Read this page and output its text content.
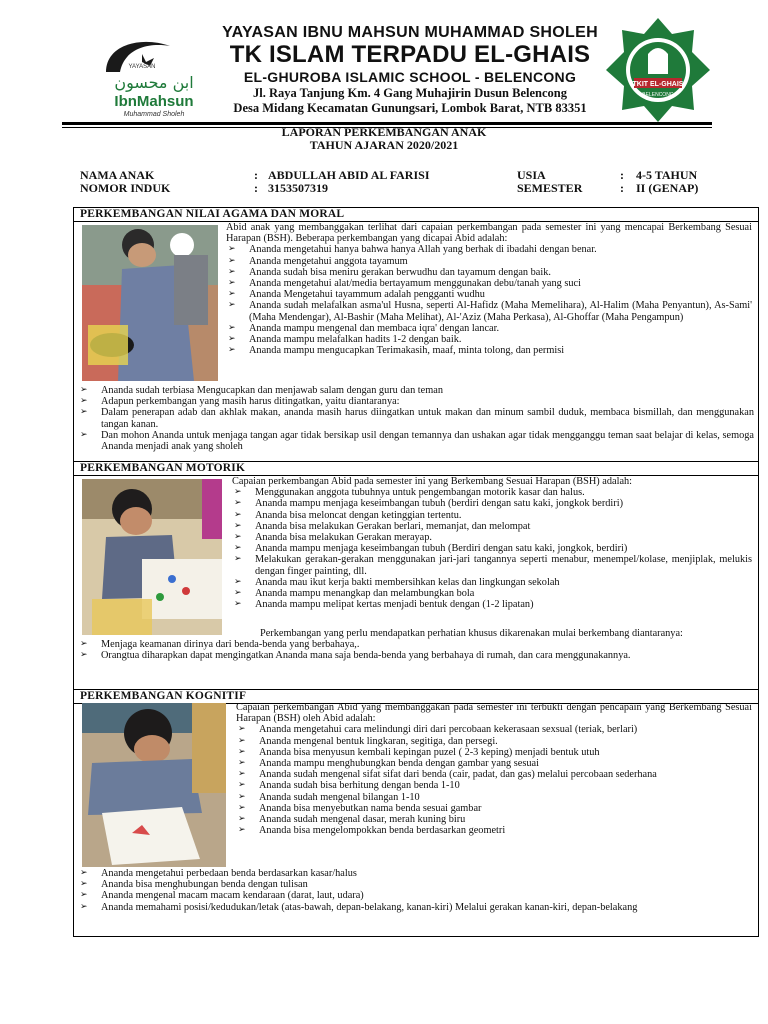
YAYASAN
ابن محسون
IbnMahsun
Muhammad Sholeh
YAYASAN IBNU MAHSUN MUHAMMAD SHOLEH
TK ISLAM TERPADU EL-GHAIS
EL-GHUROBA ISLAMIC SCHOOL - BELENCONG
Jl. Raya Tanjung Km. 4 Gang Muhajirin Dusun Belencong
Desa Midang Kecamatan Gunungsari, Lombok Barat, NTB 83351
TKIT EL-GHAIS
BELENCONG
LAPORAN PERKEMBANGAN ANAK
TAHUN AJARAN 2020/2021
NAMA ANAK	: ABDULLAH ABID AL FARISI	USIA	: 4-5 TAHUN
NOMOR INDUK	: 3153507319	SEMESTER	: II (GENAP)
PERKEMBANGAN NILAI AGAMA DAN MORAL
Abid anak yang membanggakan terlihat dari capaian perkembangan pada semester ini yang mencapai Berkembang Sesuai Harapan (BSH). Beberapa perkembangan yang dicapai Abid adalah:
➢ Ananda mengetahui hanya bahwa hanya Allah yang berhak di ibadahi dengan benar.
➢ Ananda mengetahui anggota tayamum
➢ Ananda sudah bisa meniru gerakan berwudhu dan tayamum dengan baik.
➢ Ananda mengetahui alat/media bertayamum menggunakan debu/tanah yang suci
➢ Ananda Mengetahui tayammum adalah pengganti wudhu
➢ Ananda sudah melafalkan asma'ul Husna, seperti Al-Hafidz (Maha Memelihara), Al-Halim (Maha Penyantun), As-Sami' (Maha Mendengar), Al-Bashir (Maha Melihat), Al-'Aziz (Maha Perkasa), Al-Ghoffar (Maha Pengampun)
➢ Ananda mampu mengenal dan membaca iqra' dengan lancar.
➢ Ananda mampu melafalkan hadits 1-2 dengan baik.
➢ Ananda mampu mengucapkan Terimakasih, maaf, minta tolong, dan permisi
➢ Ananda sudah terbiasa Mengucapkan dan menjawab salam dengan guru dan teman
➢ Adapun perkembangan yang masih harus ditingatkan, yaitu diantaranya:
➢ Dalam penerapan adab dan akhlak makan, ananda masih harus diingatkan untuk makan dan minum sambil duduk, membaca bismillah, dan menggunakan tangan kanan.
➢ Dan mohon Ananda untuk menjaga tangan agar tidak bersikap usil dengan temannya dan ushakan agar tidak mengganggu teman saat belajar di kelas, semoga Ananda menjadi anak yang sholeh
PERKEMBANGAN MOTORIK
Capaian perkembangan Abid pada semester ini yang Berkembang Sesuai Harapan (BSH) adalah:
➢ Menggunakan anggota tubuhnya untuk pengembangan motorik kasar dan halus.
➢ Ananda mampu menjaga keseimbangan tubuh (berdiri dengan satu kaki, jongkok berdiri)
➢ Ananda bisa meloncat dengan ketinggian tertentu.
➢ Ananda bisa melakukan Gerakan berlari, memanjat, dan melompat
➢ Ananda bisa melakukan Gerakan merayap.
➢ Ananda mampu menjaga keseimbangan tubuh (Berdiri dengan satu kaki, jongkok, berdiri)
➢ Melakukan gerakan-gerakan menggunakan jari-jari tangannya seperti menabur, menempel/kolase, menjiplak, melukis dengan finger painting, dll.
➢ Ananda mau ikut kerja bakti membersihkan kelas dan lingkungan sekolah
➢ Ananda mampu menangkap dan melambungkan bola
➢ Ananda mampu melipat kertas menjadi bentuk dengan (1-2 lipatan)
Perkembangan yang perlu mendapatkan perhatian khusus dikarenakan mulai berkembang diantaranya:
➢ Menjaga keamanan dirinya dari benda-benda yang berbahaya,.
➢ Orangtua diharapkan dapat mengingatkan Ananda mana saja benda-benda yang berbahaya di rumah, dan cara menggunakannya.
PERKEMBANGAN KOGNITIF
Capaian perkembangan Abid yang membanggakan pada semester ini terbukti dengan pencapain yang Berkembang Sesuai Harapan (BSH) oleh Abid adalah:
➢ Ananda mengetahui cara melindungi diri dari percobaan kekerasaan sexsual (teriak, berlari)
➢ Ananda mengenal bentuk lingkaran, segitiga, dan persegi.
➢ Ananda bisa menyusun kembali kepingan puzel ( 2-3 keping) menjadi bentuk utuh
➢ Ananda mampu menghubungkan benda dengan gambar yang sesuai
➢ Ananda sudah mengenal sifat sifat dari benda (cair, padat, dan gas) melalui percobaan sederhana
➢ Ananda sudah bisa berhitung dengan benda 1-10
➢ Ananda sudah mengenal bilangan 1-10
➢ Ananda bisa menyebutkan nama benda sesuai gambar
➢ Ananda sudah mengenal dasar, merah kuning biru
➢ Ananda bisa mengelompokkan benda berdasarkan geometri
➢ Ananda mengetahui perbedaan benda berdasarkan kasar/halus
➢ Ananda bisa menghubungan benda dengan tulisan
➢ Ananda mengenal macam macam kendaraan (darat, laut, udara)
➢ Ananda memahami posisi/kedudukan/letak (atas-bawah, depan-belakang, kanan-kiri) Melalui gerakan kanan-kiri, depan-belakang
